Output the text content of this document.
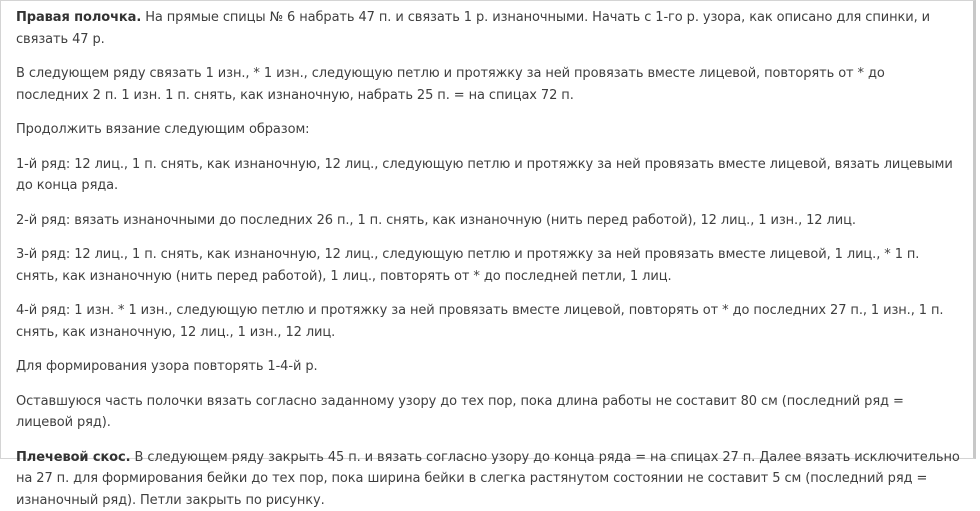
Правая полочка. На прямые спицы № 6 набрать 47 п. и связать 1 р. изнаночными. Начать с 1-го р. узора, как описано для спинки, и связать 47 р.

В следующем ряду связать 1 изн., * 1 изн., следующую петлю и протяжку за ней провязать вместе лицевой, повторять от * до последних 2 п. 1 изн. 1 п. снять, как изнаночную, набрать 25 п. = на спицах 72 п.

Продолжить вязание следующим образом:

1-й ряд: 12 лиц., 1 п. снять, как изнаночную, 12 лиц., следующую петлю и протяжку за ней провязать вместе лицевой, вязать лицевыми до конца ряда.

2-й ряд: вязать изнаночными до последних 26 п., 1 п. снять, как изнаночную (нить перед работой), 12 лиц., 1 изн., 12 лиц.

3-й ряд: 12 лиц., 1 п. снять, как изнаночную, 12 лиц., следующую петлю и протяжку за ней провязать вместе лицевой, 1 лиц., * 1 п. снять, как изнаночную (нить перед работой), 1 лиц., повторять от * до последней петли, 1 лиц.

4-й ряд: 1 изн. * 1 изн., следующую петлю и протяжку за ней провязать вместе лицевой, повторять от * до последних 27 п., 1 изн., 1 п. снять, как изнаночную, 12 лиц., 1 изн., 12 лиц.

Для формирования узора повторять 1-4-й р.

Оставшуюся часть полочки вязать согласно заданному узору до тех пор, пока длина работы не составит 80 см (последний ряд = лицевой ряд).

Плечевой скос. В следующем ряду закрыть 45 п. и вязать согласно узору до конца ряда = на спицах 27 п. Далее вязать исключительно на 27 п. для формирования бейки до тех пор, пока ширина бейки в слегка растянутом состоянии не составит 5 см (последний ряд = изнаночный ряд). Петли закрыть по рисунку.
